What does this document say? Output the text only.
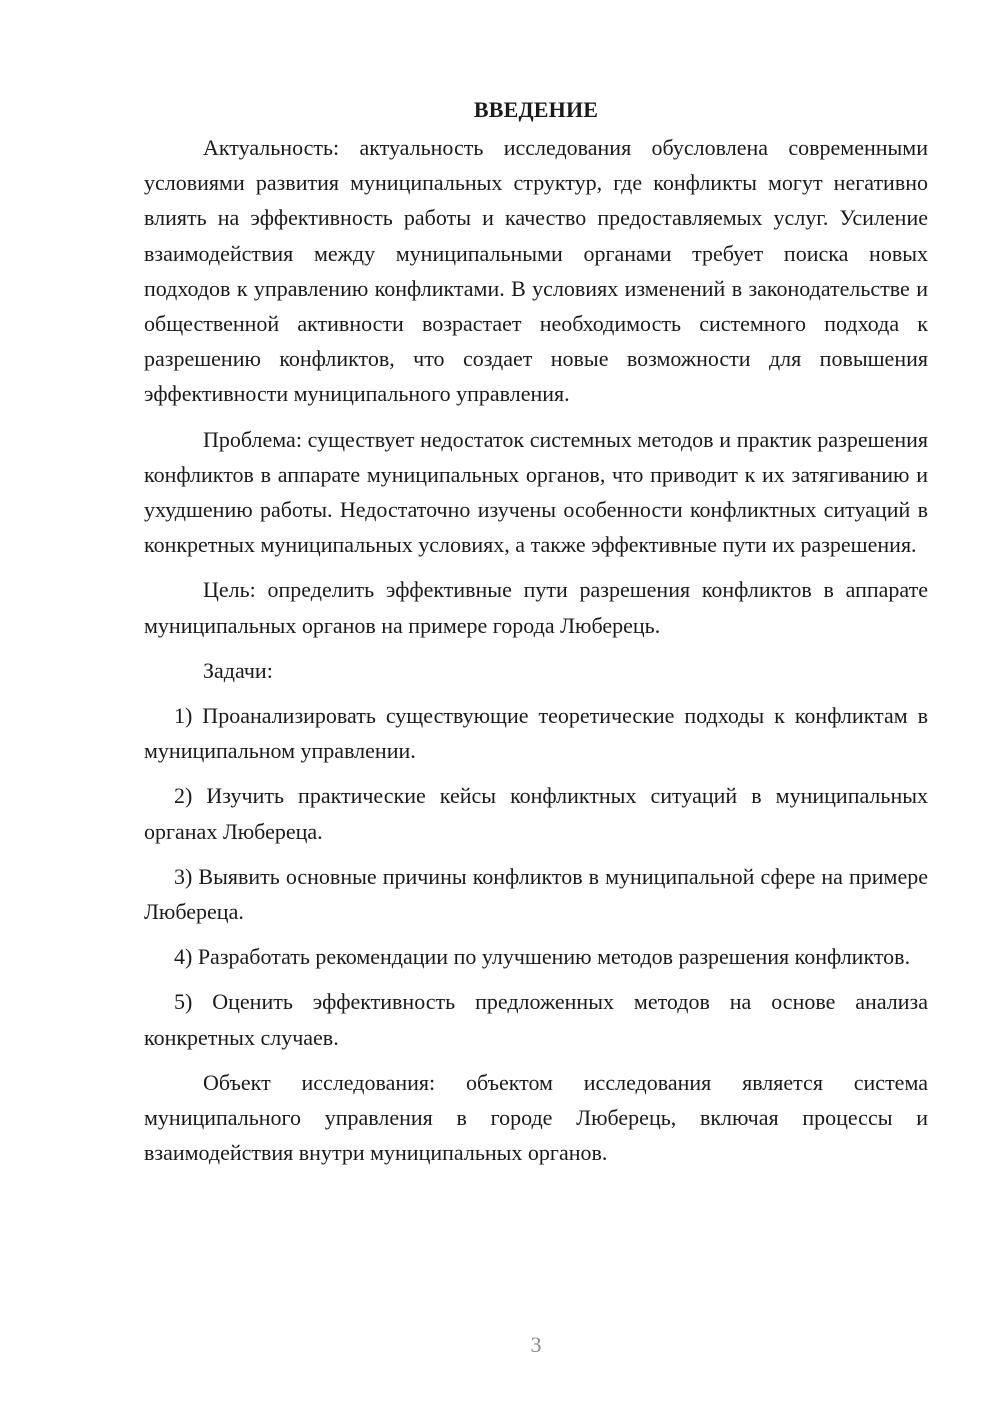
ВВЕДЕНИЕ

Актуальность: актуальность исследования обусловлена современными условиями развития муниципальных структур, где конфликты могут негативно влиять на эффективность работы и качество предоставляемых услуг. Усиление взаимодействия между муниципальными органами требует поиска новых подходов к управлению конфликтами. В условиях изменений в законодательстве и общественной активности возрастает необходимость системного подхода к разрешению конфликтов, что создает новые возможности для повышения эффективности муниципального управления.

Проблема: существует недостаток системных методов и практик разрешения конфликтов в аппарате муниципальных органов, что приводит к их затягиванию и ухудшению работы. Недостаточно изучены особенности конфликтных ситуаций в конкретных муниципальных условиях, а также эффективные пути их разрешения.

Цель: определить эффективные пути разрешения конфликтов в аппарате муниципальных органов на примере города Люберець.

Задачи:

1) Проанализировать существующие теоретические подходы к конфликтам в муниципальном управлении.

2) Изучить практические кейсы конфликтных ситуаций в муниципальных органах Люберецa.

3) Выявить основные причины конфликтов в муниципальной сфере на примере Люберецa.

4) Разработать рекомендации по улучшению методов разрешения конфликтов.

5) Оценить эффективность предложенных методов на основе анализа конкретных случаев.

Объект исследования: объектом исследования является система муниципального управления в городе Люберець, включая процессы и взаимодействия внутри муниципальных органов.

3
